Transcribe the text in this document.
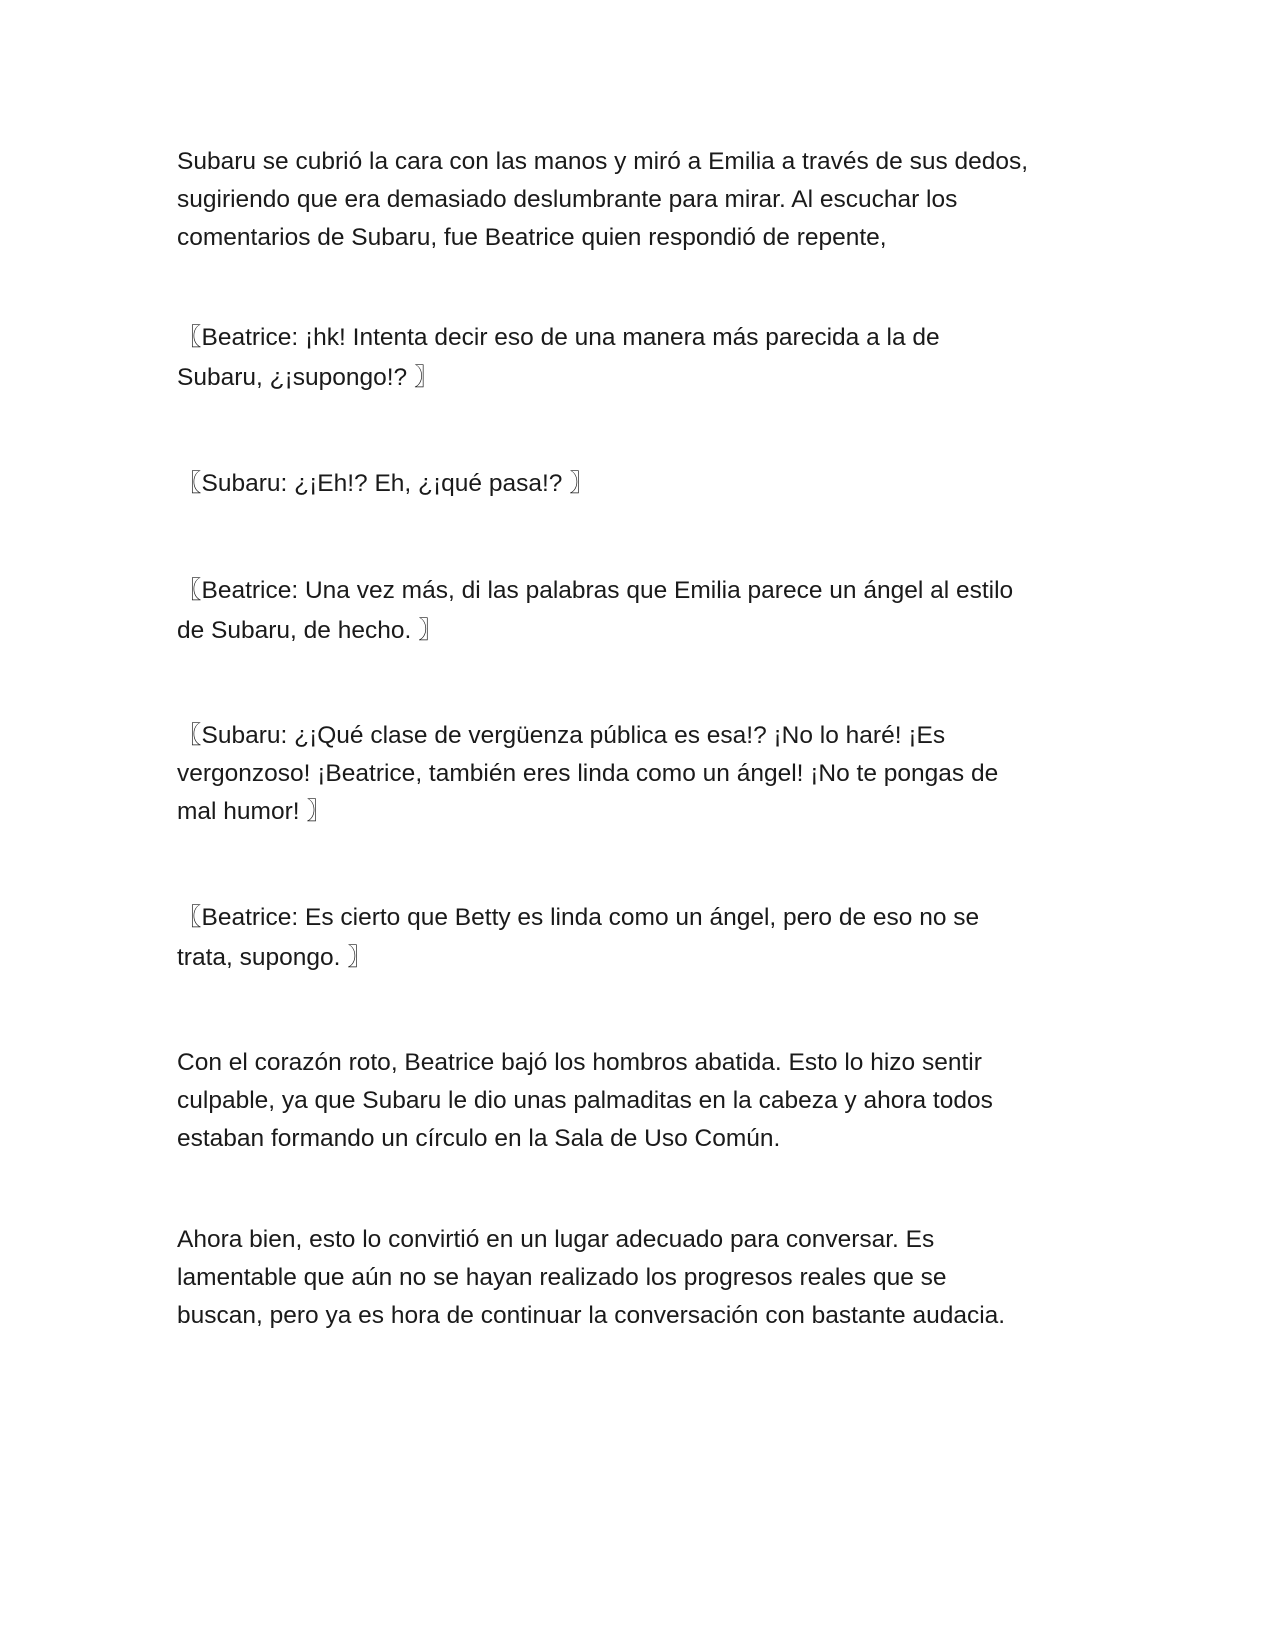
Subaru se cubrió la cara con las manos y miró a Emilia a través de sus dedos,
sugiriendo que era demasiado deslumbrante para mirar. Al escuchar los
comentarios de Subaru, fue Beatrice quien respondió de repente,

〖Beatrice: ¡hk! Intenta decir eso de una manera más parecida a la de
Subaru, ¿¡supongo!? 〗

〖Subaru: ¿¡Eh!? Eh, ¿¡qué pasa!? 〗

〖Beatrice: Una vez más, di las palabras que Emilia parece un ángel al estilo
de Subaru, de hecho. 〗

〖Subaru: ¿¡Qué clase de vergüenza pública es esa!? ¡No lo haré! ¡Es
vergonzoso! ¡Beatrice, también eres linda como un ángel! ¡No te pongas de
mal humor! 〗

〖Beatrice: Es cierto que Betty es linda como un ángel, pero de eso no se
trata, supongo. 〗

Con el corazón roto, Beatrice bajó los hombros abatida. Esto lo hizo sentir
culpable, ya que Subaru le dio unas palmaditas en la cabeza y ahora todos
estaban formando un círculo en la Sala de Uso Común.

Ahora bien, esto lo convirtió en un lugar adecuado para conversar. Es
lamentable que aún no se hayan realizado los progresos reales que se
buscan, pero ya es hora de continuar la conversación con bastante audacia.
